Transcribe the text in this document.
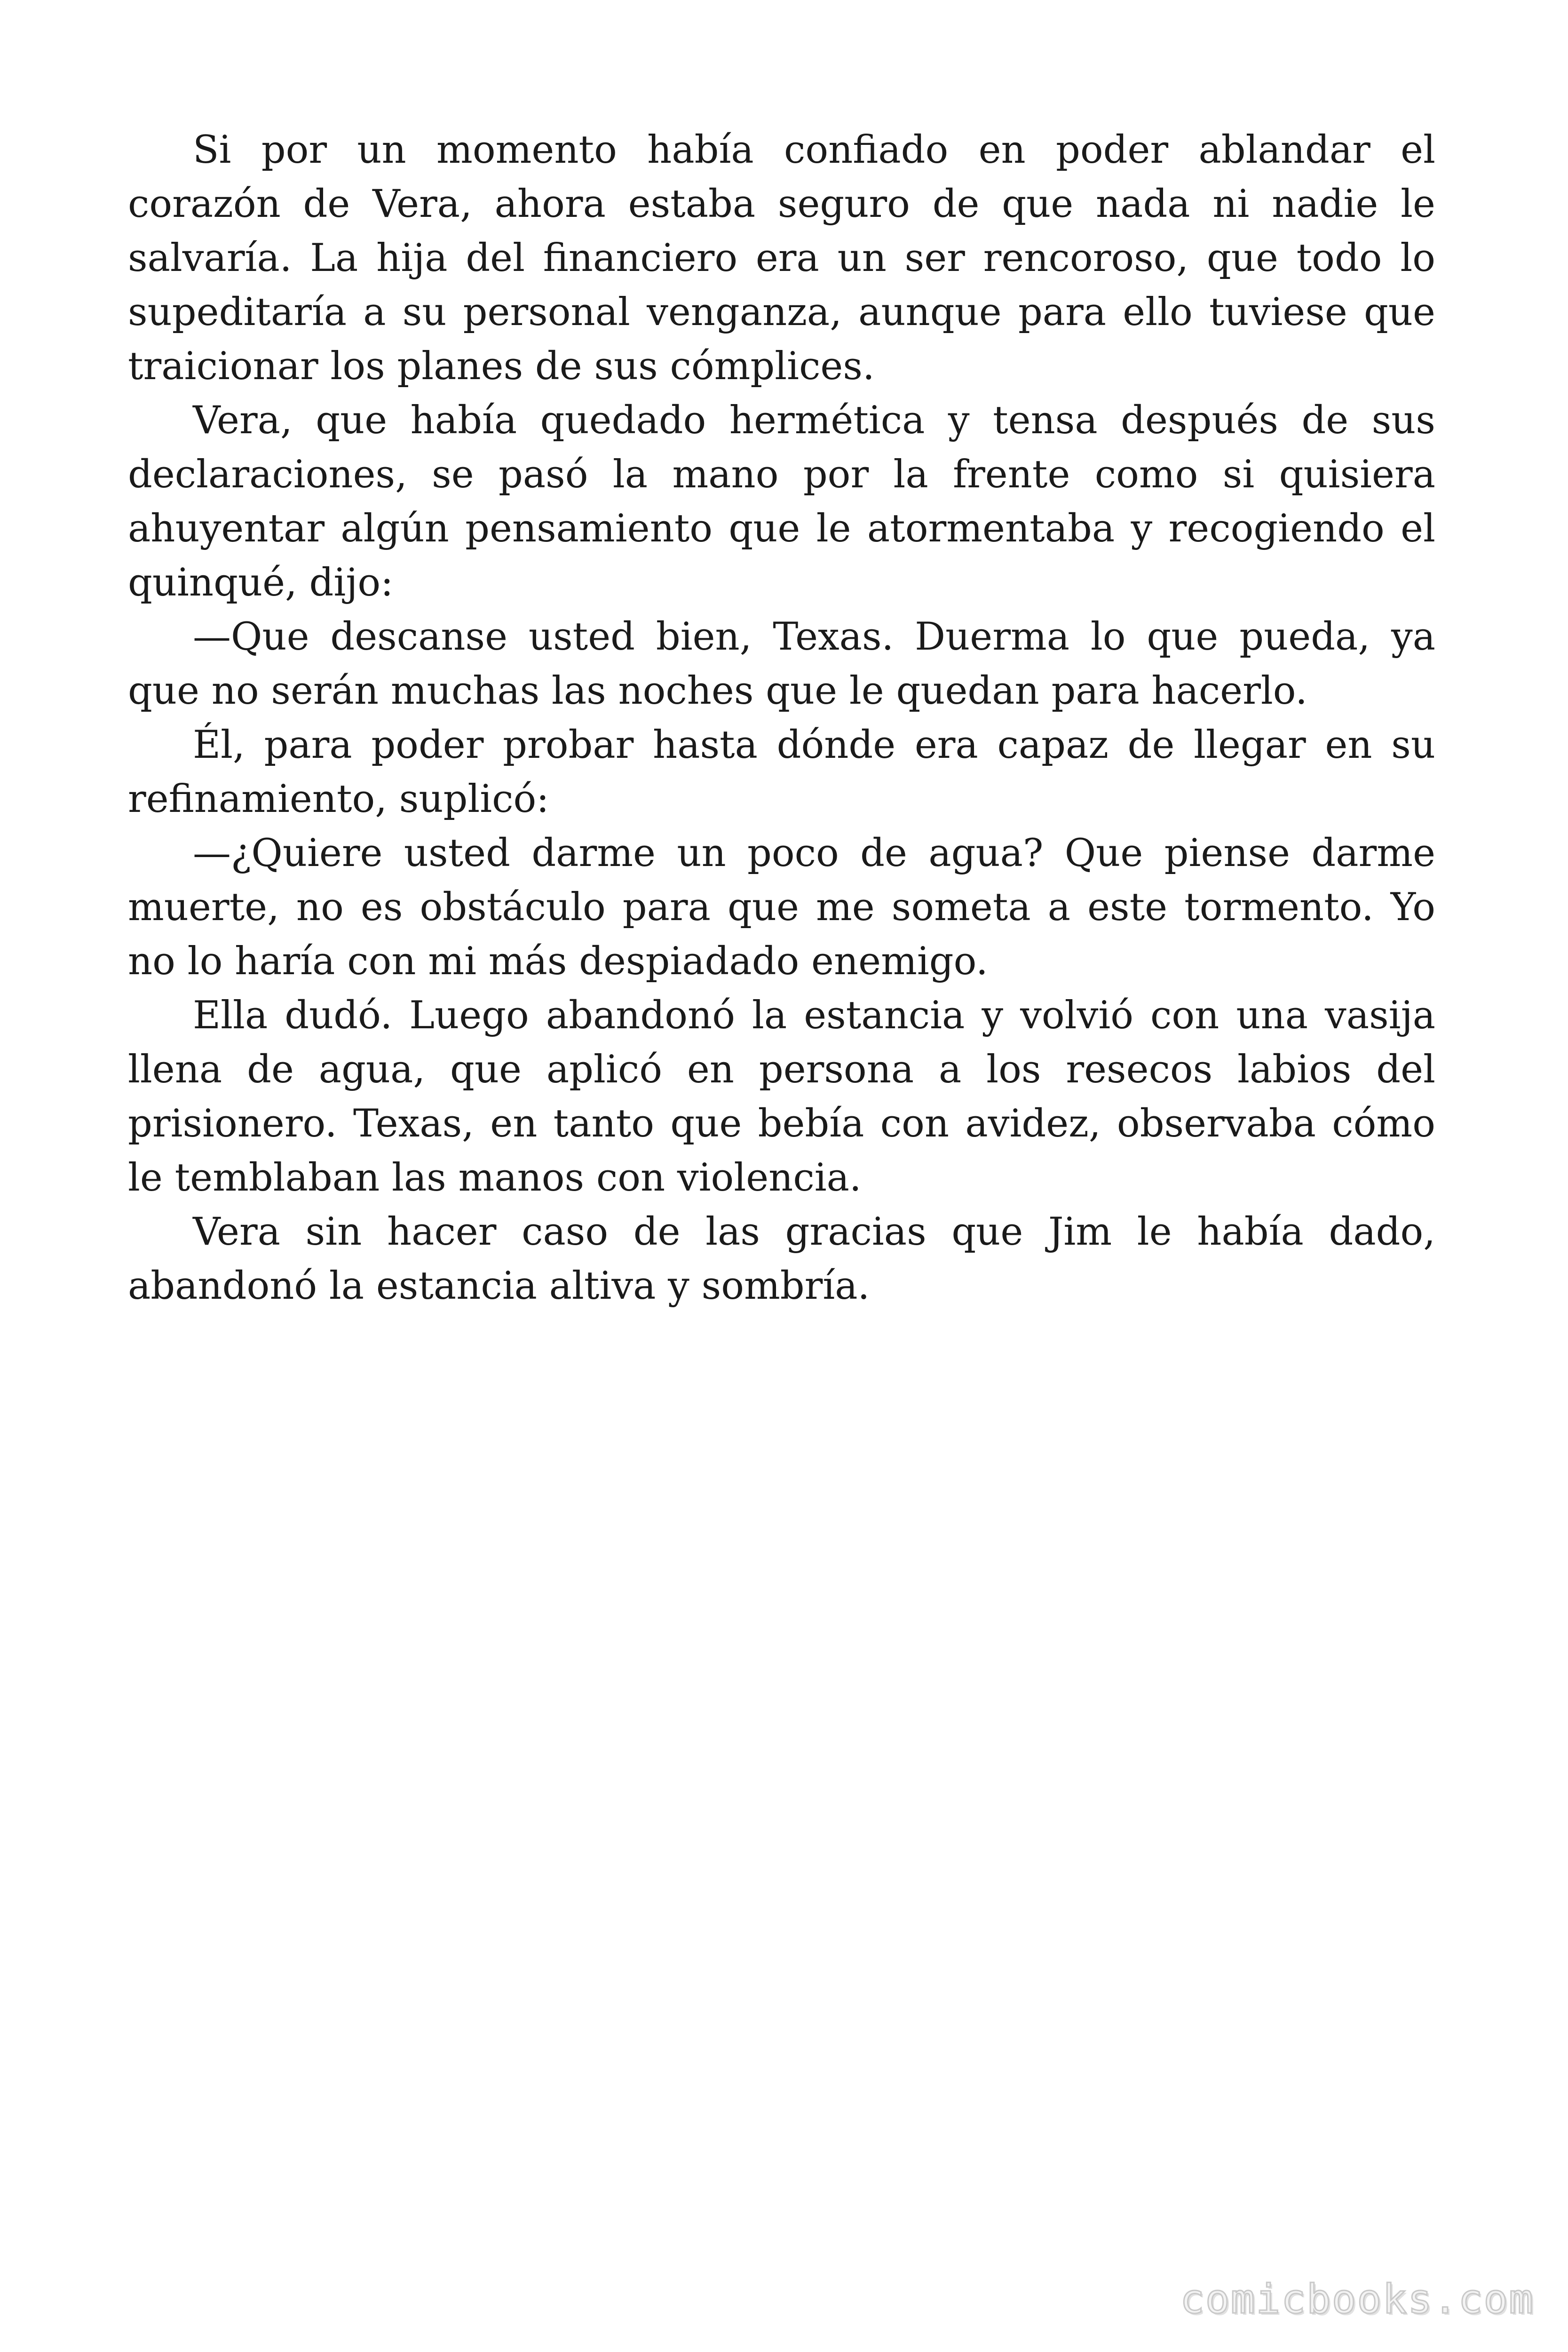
Si por un momento había confiado en poder ablandar el corazón de Vera, ahora estaba seguro de que nada ni nadie le salvaría. La hija del financiero era un ser rencoroso, que todo lo supeditaría a su personal venganza, aunque para ello tuviese que traicionar los planes de sus cómplices.

Vera, que había quedado hermética y tensa después de sus declaraciones, se pasó la mano por la frente como si quisiera ahuyentar algún pensamiento que le atormentaba y recogiendo el quinqué, dijo:

—Que descanse usted bien, Texas. Duerma lo que pueda, ya que no serán muchas las noches que le quedan para hacerlo.

Él, para poder probar hasta dónde era capaz de llegar en su refinamiento, suplicó:

—¿Quiere usted darme un poco de agua? Que piense darme muerte, no es obstáculo para que me someta a este tormento. Yo no lo haría con mi más despiadado enemigo.

Ella dudó. Luego abandonó la estancia y volvió con una vasija llena de agua, que aplicó en persona a los resecos labios del prisionero. Texas, en tanto que bebía con avidez, observaba cómo le temblaban las manos con violencia.

Vera sin hacer caso de las gracias que Jim le había dado, abandonó la estancia altiva y sombría.

comicbooks.com
